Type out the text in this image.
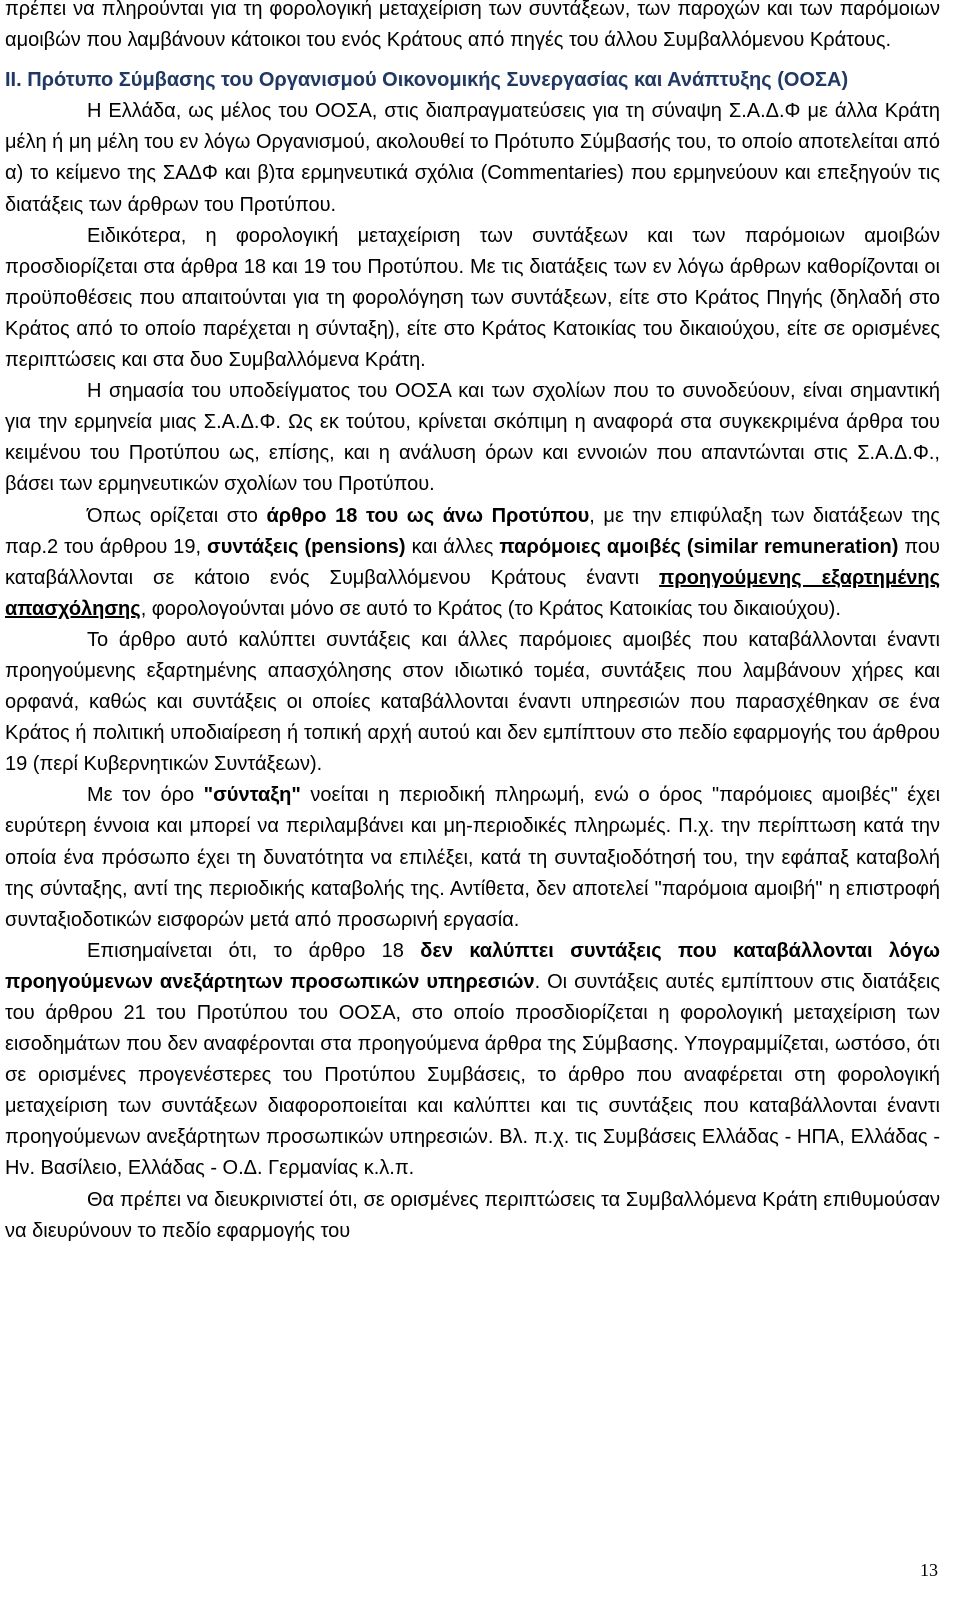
πρέπει να πληρούνται για τη φορολογική μεταχείριση των συντάξεων, των παροχών και των παρόμοιων αμοιβών που λαμβάνουν κάτοικοι του ενός Κράτους από πηγές του άλλου Συμβαλλόμενου Κράτους.

ΙΙ. Πρότυπο Σύμβασης του Οργανισμού Οικονομικής Συνεργασίας και Ανάπτυξης (ΟΟΣΑ)

Η Ελλάδα, ως μέλος του ΟΟΣΑ, στις διαπραγματεύσεις για τη σύναψη Σ.Α.Δ.Φ με άλλα Κράτη μέλη ή μη μέλη του εν λόγω Οργανισμού, ακολουθεί το Πρότυπο Σύμβασής του, το οποίο αποτελείται από α) το κείμενο της ΣΑΔΦ και β)τα ερμηνευτικά σχόλια (Commentaries) που ερμηνεύουν και επεξηγούν τις διατάξεις των άρθρων του Προτύπου.

Ειδικότερα, η φορολογική μεταχείριση των συντάξεων και των παρόμοιων αμοιβών προσδιορίζεται στα άρθρα 18 και 19 του Προτύπου. Με τις διατάξεις των εν λόγω άρθρων καθορίζονται οι προϋποθέσεις που απαιτούνται για τη φορολόγηση των συντάξεων, είτε στο Κράτος Πηγής (δηλαδή στο Κράτος από το οποίο παρέχεται η σύνταξη), είτε στο Κράτος Κατοικίας του δικαιούχου, είτε σε ορισμένες περιπτώσεις και στα δυο Συμβαλλόμενα Κράτη.

Η σημασία του υποδείγματος του ΟΟΣΑ και των σχολίων που το συνοδεύουν, είναι σημαντική για την ερμηνεία μιας Σ.Α.Δ.Φ. Ως εκ τούτου, κρίνεται σκόπιμη η αναφορά στα συγκεκριμένα άρθρα του κειμένου του Προτύπου ως, επίσης, και η ανάλυση όρων και εννοιών που απαντώνται στις Σ.Α.Δ.Φ., βάσει των ερμηνευτικών σχολίων του Προτύπου.

Όπως ορίζεται στο άρθρο 18 του ως άνω Προτύπου, με την επιφύλαξη των διατάξεων της παρ.2 του άρθρου 19, συντάξεις (pensions) και άλλες παρόμοιες αμοιβές (similar remuneration) που καταβάλλονται σε κάτοιο ενός Συμβαλλόμενου Κράτους έναντι προηγούμενης εξαρτημένης απασχόλησης, φορολογούνται μόνο σε αυτό το Κράτος (το Κράτος Κατοικίας του δικαιούχου).

Το άρθρο αυτό καλύπτει συντάξεις και άλλες παρόμοιες αμοιβές που καταβάλλονται έναντι προηγούμενης εξαρτημένης απασχόλησης στον ιδιωτικό τομέα, συντάξεις που λαμβάνουν χήρες και ορφανά, καθώς και συντάξεις οι οποίες καταβάλλονται έναντι υπηρεσιών που παρασχέθηκαν σε ένα Κράτος ή πολιτική υποδιαίρεση ή τοπική αρχή αυτού και δεν εμπίπτουν στο πεδίο εφαρμογής του άρθρου 19 (περί Κυβερνητικών Συντάξεων).

Με τον όρο "σύνταξη" νοείται η περιοδική πληρωμή, ενώ ο όρος "παρόμοιες αμοιβές" έχει ευρύτερη έννοια και μπορεί να περιλαμβάνει και μη-περιοδικές πληρωμές. Π.χ. την περίπτωση κατά την οποία ένα πρόσωπο έχει τη δυνατότητα να επιλέξει, κατά τη συνταξιοδότησή του, την εφάπαξ καταβολή της σύνταξης, αντί της περιοδικής καταβολής της. Αντίθετα, δεν αποτελεί "παρόμοια αμοιβή" η επιστροφή συνταξιοδοτικών εισφορών μετά από προσωρινή εργασία.

Επισημαίνεται ότι, το άρθρο 18 δεν καλύπτει συντάξεις που καταβάλλονται λόγω προηγούμενων ανεξάρτητων προσωπικών υπηρεσιών. Οι συντάξεις αυτές εμπίπτουν στις διατάξεις του άρθρου 21 του Προτύπου του ΟΟΣΑ, στο οποίο προσδιορίζεται η φορολογική μεταχείριση των εισοδημάτων που δεν αναφέρονται στα προηγούμενα άρθρα της Σύμβασης. Υπογραμμίζεται, ωστόσο, ότι σε ορισμένες προγενέστερες του Προτύπου Συμβάσεις, το άρθρο που αναφέρεται στη φορολογική μεταχείριση των συντάξεων διαφοροποιείται και καλύπτει και τις συντάξεις που καταβάλλονται έναντι προηγούμενων ανεξάρτητων προσωπικών υπηρεσιών. Βλ. π.χ. τις Συμβάσεις Ελλάδας - ΗΠΑ, Ελλάδας - Ην. Βασίλειο, Ελλάδας - Ο.Δ. Γερμανίας κ.λ.π.

Θα πρέπει να διευκρινιστεί ότι, σε ορισμένες περιπτώσεις τα Συμβαλλόμενα Κράτη επιθυμούσαν να διευρύνουν το πεδίο εφαρμογής του

13
